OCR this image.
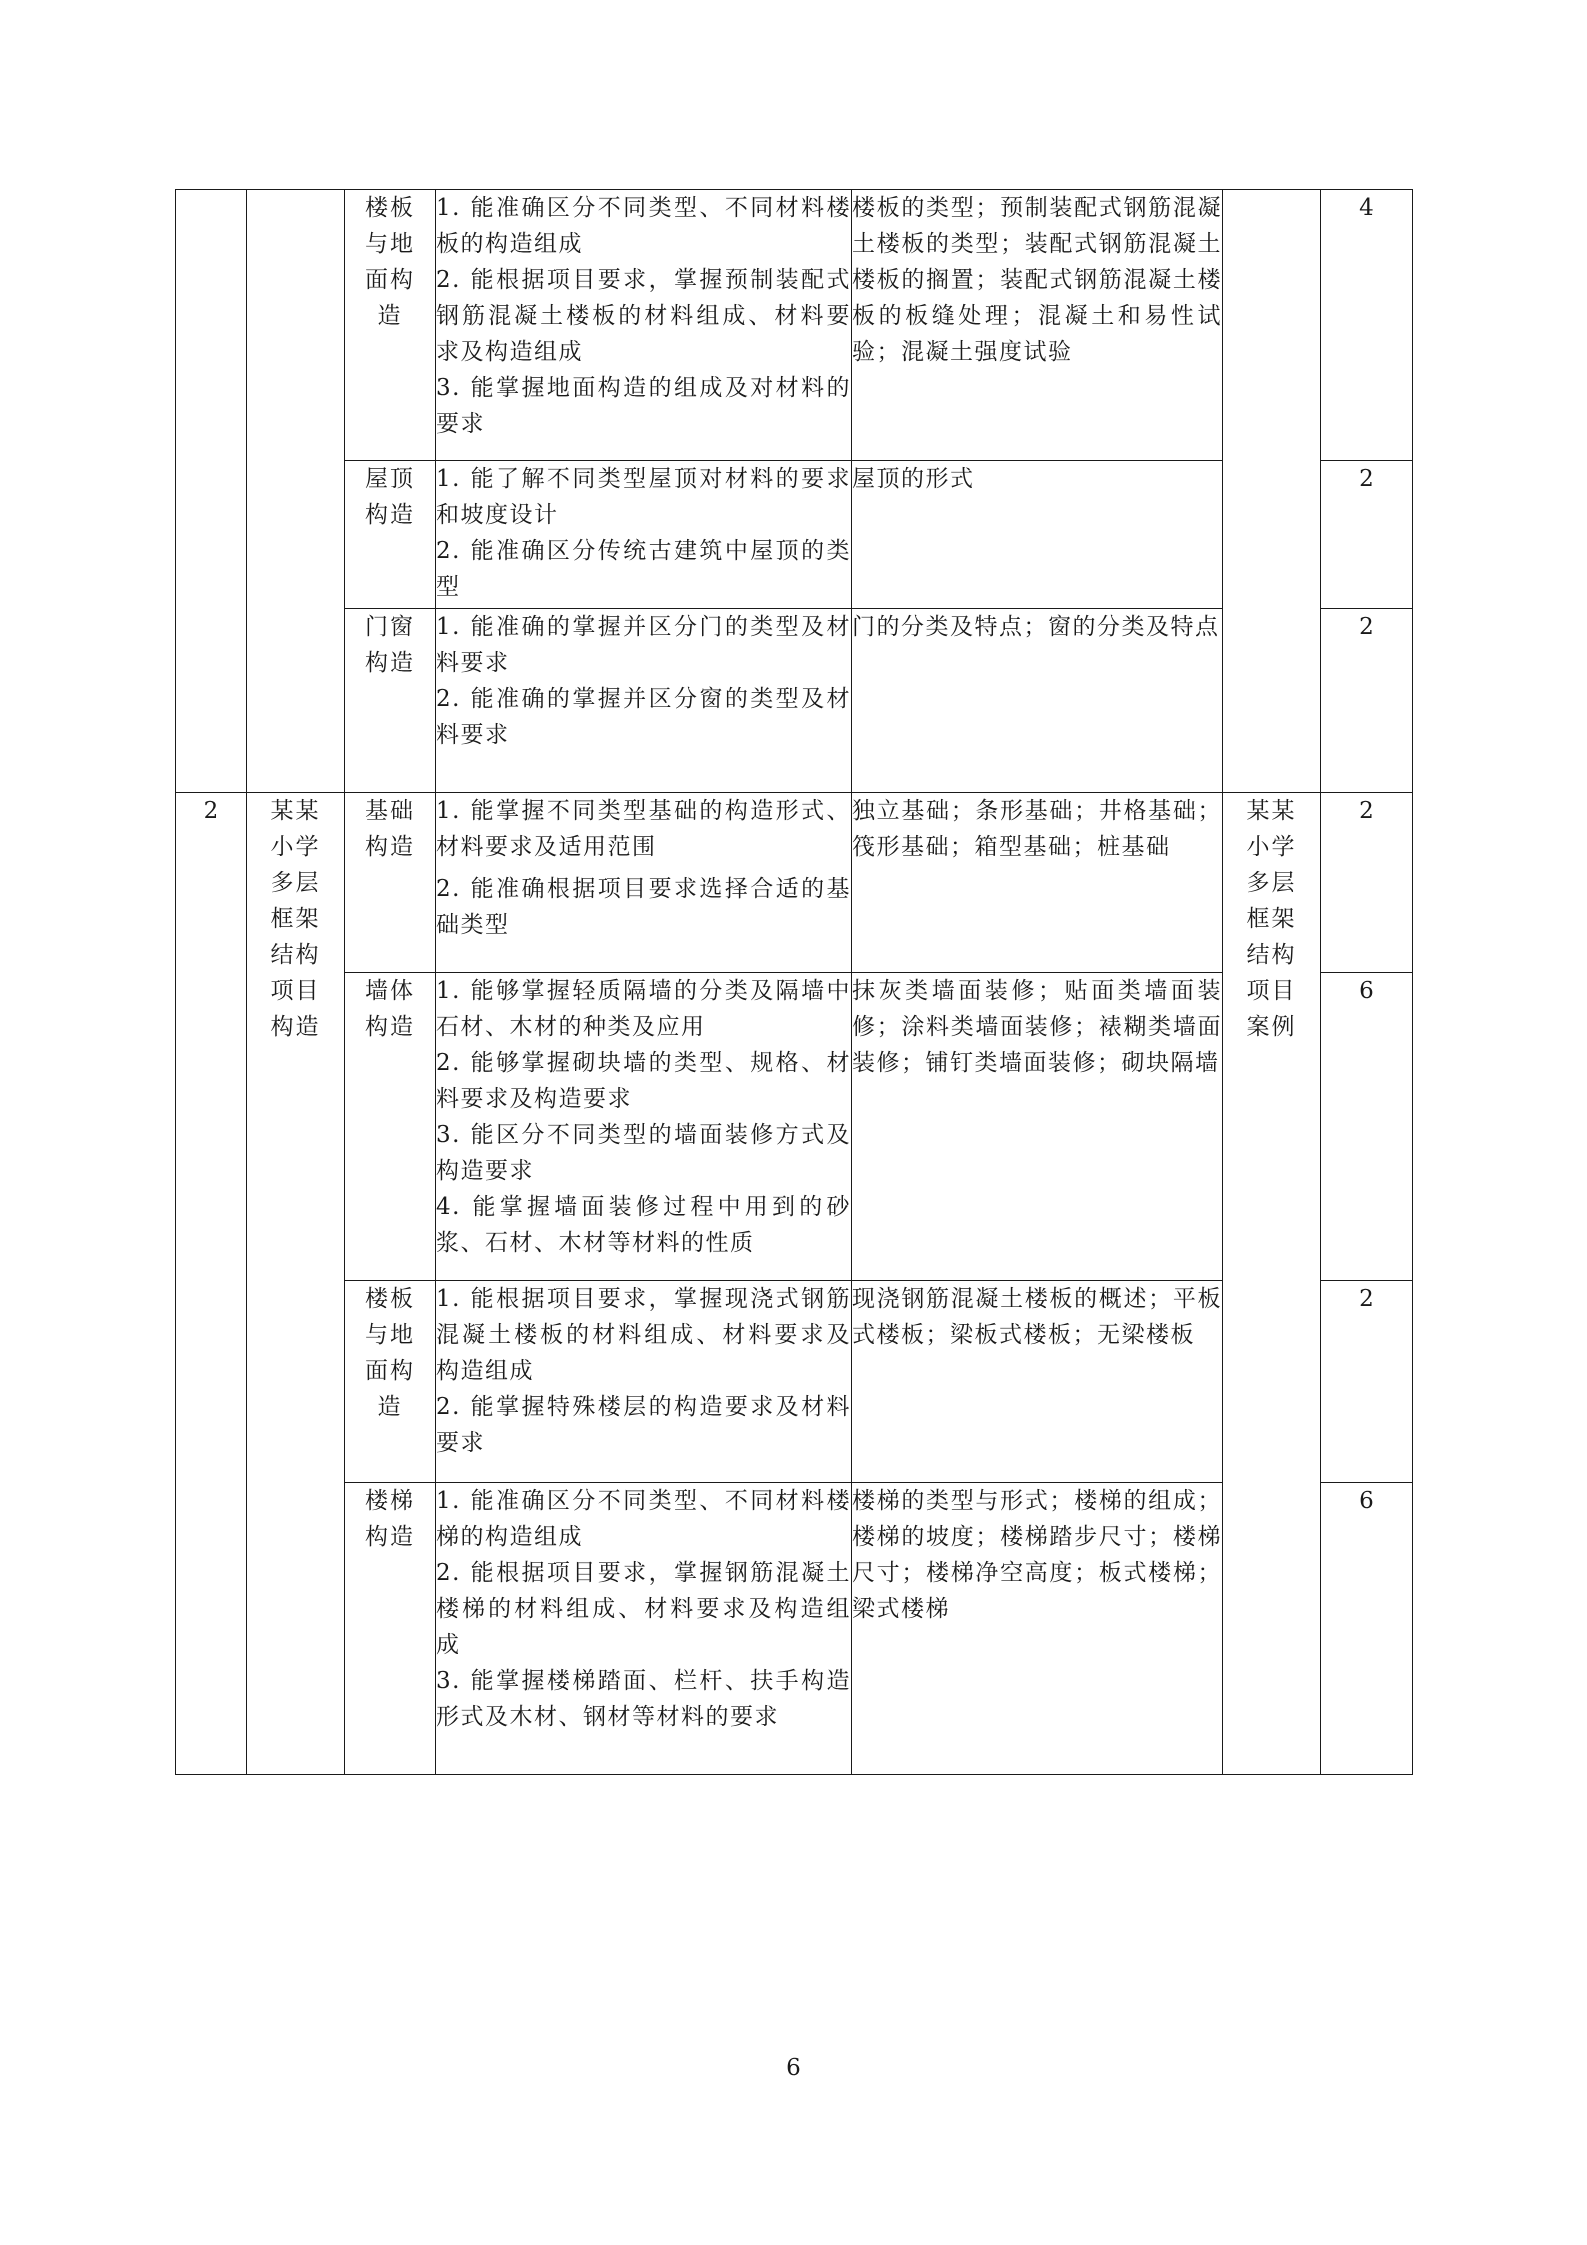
		楼板与地面构造	1. 能准确区分不同类型、不同材料楼板的构造组成
2. 能根据项目要求，掌握预制装配式钢筋混凝土楼板的材料组成、材料要求及构造组成
3. 能掌握地面构造的组成及对材料的要求	楼板的类型；预制装配式钢筋混凝土楼板的类型；装配式钢筋混凝土楼板的搁置；装配式钢筋混凝土楼板的板缝处理；混凝土和易性试验；混凝土强度试验		4
		屋顶构造	1. 能了解不同类型屋顶对材料的要求和坡度设计
2. 能准确区分传统古建筑中屋顶的类型	屋顶的形式		2
		门窗构造	1. 能准确的掌握并区分门的类型及材料要求
2. 能准确的掌握并区分窗的类型及材料要求	门的分类及特点；窗的分类及特点		2
2	某某小学多层框架结构项目构造	基础构造	1. 能掌握不同类型基础的构造形式、材料要求及适用范围
2. 能准确根据项目要求选择合适的基础类型	独立基础；条形基础；井格基础；筏形基础；箱型基础；桩基础	某某小学多层框架结构项目案例	2
		墙体构造	1. 能够掌握轻质隔墙的分类及隔墙中石材、木材的种类及应用
2. 能够掌握砌块墙的类型、规格、材料要求及构造要求
3. 能区分不同类型的墙面装修方式及构造要求
4. 能掌握墙面装修过程中用到的砂浆、石材、木材等材料的性质	抹灰类墙面装修；贴面类墙面装修；涂料类墙面装修；裱糊类墙面装修；铺钉类墙面装修；砌块隔墙		6
		楼板与地面构造	1. 能根据项目要求，掌握现浇式钢筋混凝土楼板的材料组成、材料要求及构造组成
2. 能掌握特殊楼层的构造要求及材料要求	现浇钢筋混凝土楼板的概述；平板式楼板；梁板式楼板；无梁楼板		2
		楼梯构造	1. 能准确区分不同类型、不同材料楼梯的构造组成
2. 能根据项目要求，掌握钢筋混凝土楼梯的材料组成、材料要求及构造组成
3. 能掌握楼梯踏面、栏杆、扶手构造形式及木材、钢材等材料的要求	楼梯的类型与形式；楼梯的组成；楼梯的坡度；楼梯踏步尺寸；楼梯尺寸；楼梯净空高度；板式楼梯；梁式楼梯		6
6
